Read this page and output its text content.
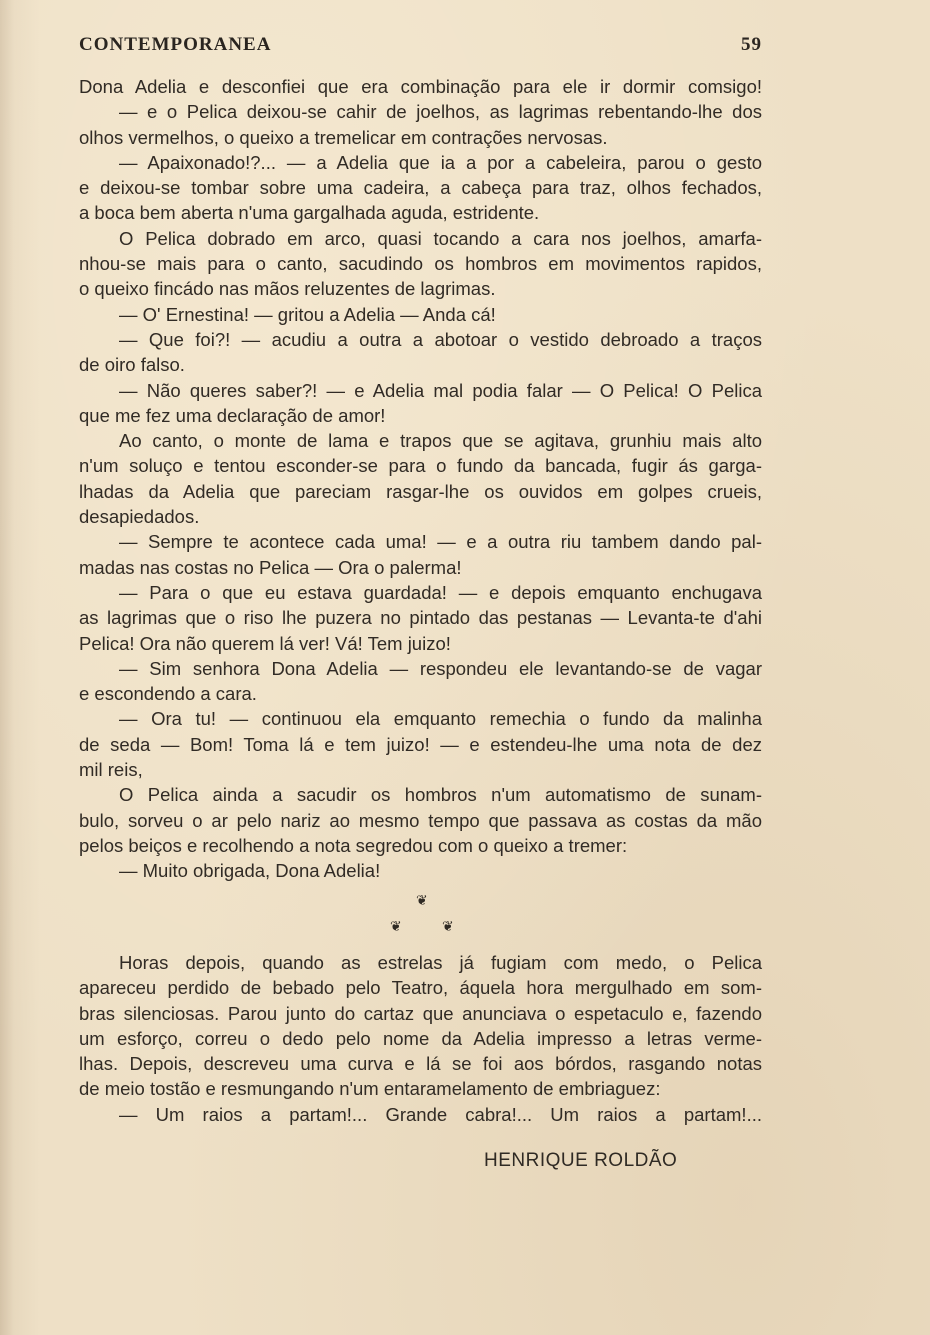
CONTEMPORANEA	59
Dona Adelia e desconfiei que era combinação para ele ir dormir comsigo!
— e o Pelica deixou-se cahir de joelhos, as lagrimas rebentando-lhe dos
olhos vermelhos, o queixo a tremelicar em contrações nervosas.
— Apaixonado!?... — a Adelia que ia a por a cabeleira, parou o gesto
e deixou-se tombar sobre uma cadeira, a cabeça para traz, olhos fechados,
a boca bem aberta n'uma gargalhada aguda, estridente.
O Pelica dobrado em arco, quasi tocando a cara nos joelhos, amarfa-
nhou-se mais para o canto, sacudindo os hombros em movimentos rapidos,
o queixo fincádo nas mãos reluzentes de lagrimas.
— O' Ernestina! — gritou a Adelia — Anda cá!
— Que foi?! — acudiu a outra a abotoar o vestido debroado a traços
de oiro falso.
— Não queres saber?! — e Adelia mal podia falar — O Pelica! O Pelica
que me fez uma declaração de amor!
Ao canto, o monte de lama e trapos que se agitava, grunhiu mais alto
n'um soluço e tentou esconder-se para o fundo da bancada, fugir ás garga-
lhadas da Adelia que pareciam rasgar-lhe os ouvidos em golpes crueis,
desapiedados.
— Sempre te acontece cada uma! — e a outra riu tambem dando pal-
madas nas costas no Pelica — Ora o palerma!
— Para o que eu estava guardada! — e depois emquanto enchugava
as lagrimas que o riso lhe puzera no pintado das pestanas — Levanta-te d'ahi
Pelica! Ora não querem lá ver! Vá! Tem juizo!
— Sim senhora Dona Adelia — respondeu ele levantando-se de vagar
e escondendo a cara.
— Ora tu! — continuou ela emquanto remechia o fundo da malinha
de seda — Bom! Toma lá e tem juizo! — e estendeu-lhe uma nota de dez
mil reis,
O Pelica ainda a sacudir os hombros n'um automatismo de sunam-
bulo, sorveu o ar pelo nariz ao mesmo tempo que passava as costas da mão
pelos beiços e recolhendo a nota segredou com o queixo a tremer:
— Muito obrigada, Dona Adelia!
❦
❦	❦
Horas depois, quando as estrelas já fugiam com medo, o Pelica
apareceu perdido de bebado pelo Teatro, áquela hora mergulhado em som-
bras silenciosas. Parou junto do cartaz que anunciava o espetaculo e, fazendo
um esforço, correu o dedo pelo nome da Adelia impresso a letras verme-
lhas. Depois, descreveu uma curva e lá se foi aos bórdos, rasgando notas
de meio tostão e resmungando n'um entaramelamento de embriaguez:
— Um raios a partam!... Grande cabra!... Um raios a partam!...
HENRIQUE ROLDÃO
